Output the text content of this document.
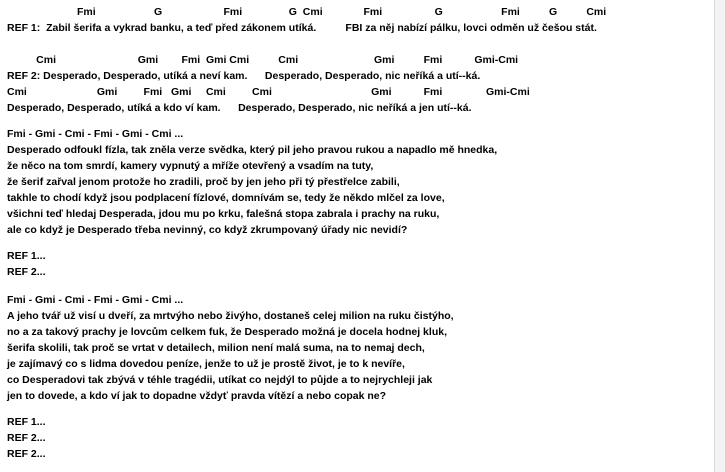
Fmi                    G                     Fmi                G  Cmi              Fmi                  G                    Fmi          G          Cmi
REF 1:  Zabil šerifa a vykrad banku, a teď před zákonem utíká.          FBI za něj nabízí pálku, lovci odměn už češou stát.
Cmi                            Gmi        Fmi  Gmi Cmi          Cmi                          Gmi          Fmi           Gmi-Cmi
REF 2: Desperado, Desperado, utíká a neví kam.      Desperado, Desperado, nic neříká a utí--ká.
Cmi                        Gmi         Fmi   Gmi     Cmi         Cmi                                  Gmi           Fmi               Gmi-Cmi
Desperado, Desperado, utíká a kdo ví kam.      Desperado, Desperado, nic neříká a jen utí--ká.
Fmi - Gmi - Cmi - Fmi - Gmi - Cmi ...
Desperado odfoukl fízla, tak zněla verze svědka, který pil jeho pravou rukou a napadlo mě hnedka,
že něco na tom smrdí, kamery vypnutý a mříže otevřený a vsadím na tuty,
že šerif zařval jenom protože ho zradili, proč by jen jeho při tý přestřelce zabili,
takhle to chodí když jsou podplacení fízlové, domnívám se, tedy že někdo mlčel za love,
všichni teď hledaj Desperada, jdou mu po krku, falešná stopa zabrala i prachy na ruku,
ale co když je Desperado třeba nevinný, co když zkrumpovaný úřady nic nevidí?
REF 1...
REF 2...
Fmi - Gmi - Cmi - Fmi - Gmi - Cmi ...
A jeho tvář už visí u dveří, za mrtvýho nebo živýho, dostaneš celej milion na ruku čistýho,
no a za takový prachy je lovcům celkem fuk, že Desperado možná je docela hodnej kluk,
šerifa skolili, tak proč se vrtat v detailech, milion není malá suma, na to nemaj dech,
je zajímavý co s lidma dovedou peníze, jenže to už je prostě život, je to k nevíře,
co Desperadovi tak zbývá v téhle tragédii, utíkat co nejdýl to půjde a to nejrychleji jak
jen to dovede, a kdo ví jak to dopadne vždyť pravda vítězí a nebo copak ne?
REF 1...
REF 2...
REF 2...
